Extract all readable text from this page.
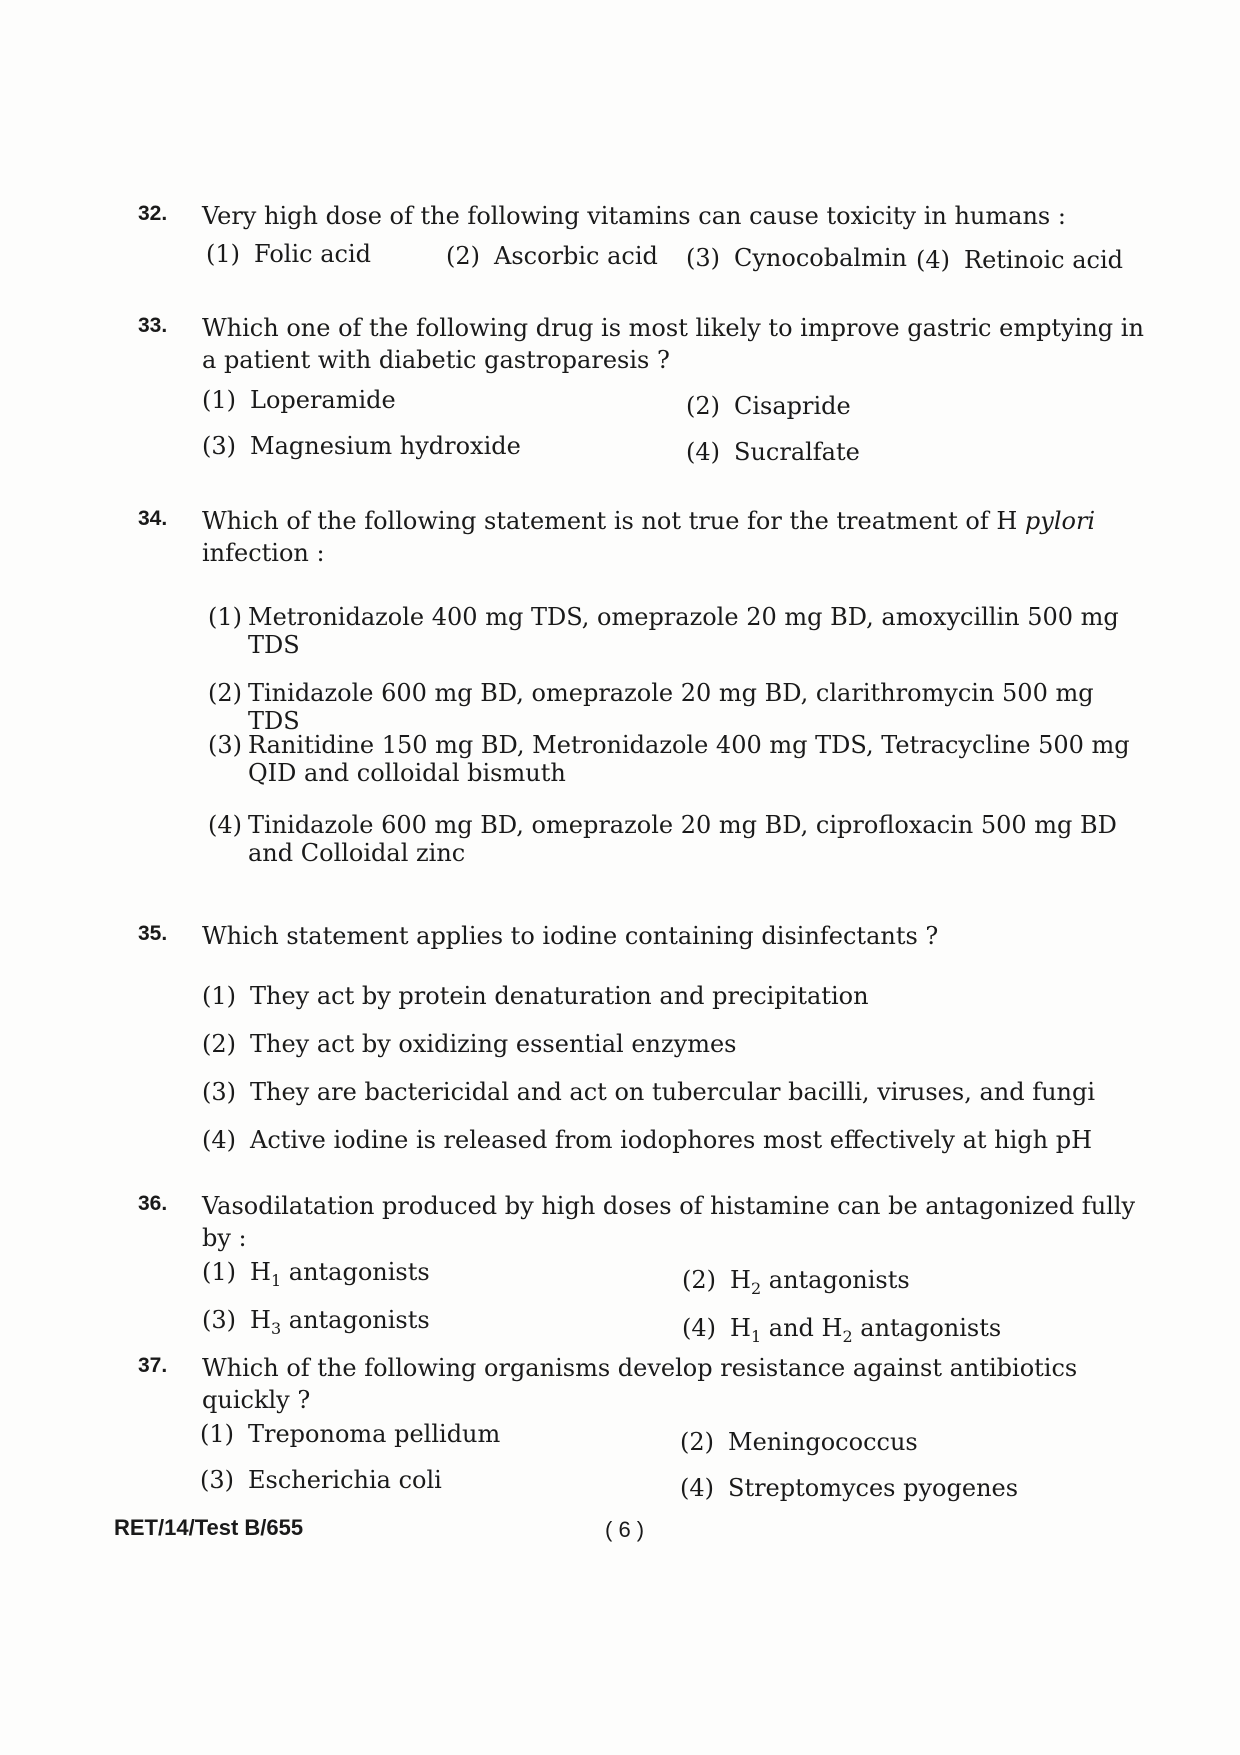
32. Very high dose of the following vitamins can cause toxicity in humans :
(1) Folic acid	(2) Ascorbic acid (3) Cynocobalmin (4) Retinoic acid
33. Which one of the following drug is most likely to improve gastric emptying in a patient with diabetic gastroparesis ?
(1) Loperamide	(2) Cisapride
(3) Magnesium hydroxide	(4) Sucralfate
34. Which of the following statement is not true for the treatment of H pylori
infection :
(1) Metronidazole 400 mg TDS, omeprazole 20 mg BD, amoxycillin 500 mg TDS
(2) Tinidazole 600 mg BD, omeprazole 20 mg BD, clarithromycin 500 mg TDS
(3) Ranitidine 150 mg BD, Metronidazole 400 mg TDS, Tetracycline 500 mg QID and colloidal bismuth
(4) Tinidazole 600 mg BD, omeprazole 20 mg BD, ciprofloxacin 500 mg BD and Colloidal zinc
35. Which statement applies to iodine containing disinfectants ?
(1) They act by protein denaturation and precipitation
(2) They act by oxidizing essential enzymes
(3) They are bactericidal and act on tubercular bacilli, viruses, and fungi
(4) Active iodine is released from iodophores most effectively at high pH
36. Vasodilatation produced by high doses of histamine can be antagonized fully by :
(1) $H_1$ antagonists	(2) $H_2$ antagonists
(3) $H_3$ antagonists	(4) $H_1$ and $H_2$ antagonists
37. Which of the following organisms develop resistance against antibiotics quickly ?
(1) Treponoma pellidum	(2) Meningococcus
(3) Escherichia coli	(4) Streptomyces pyogenes
RET/14/Test B/655	( 6 )
